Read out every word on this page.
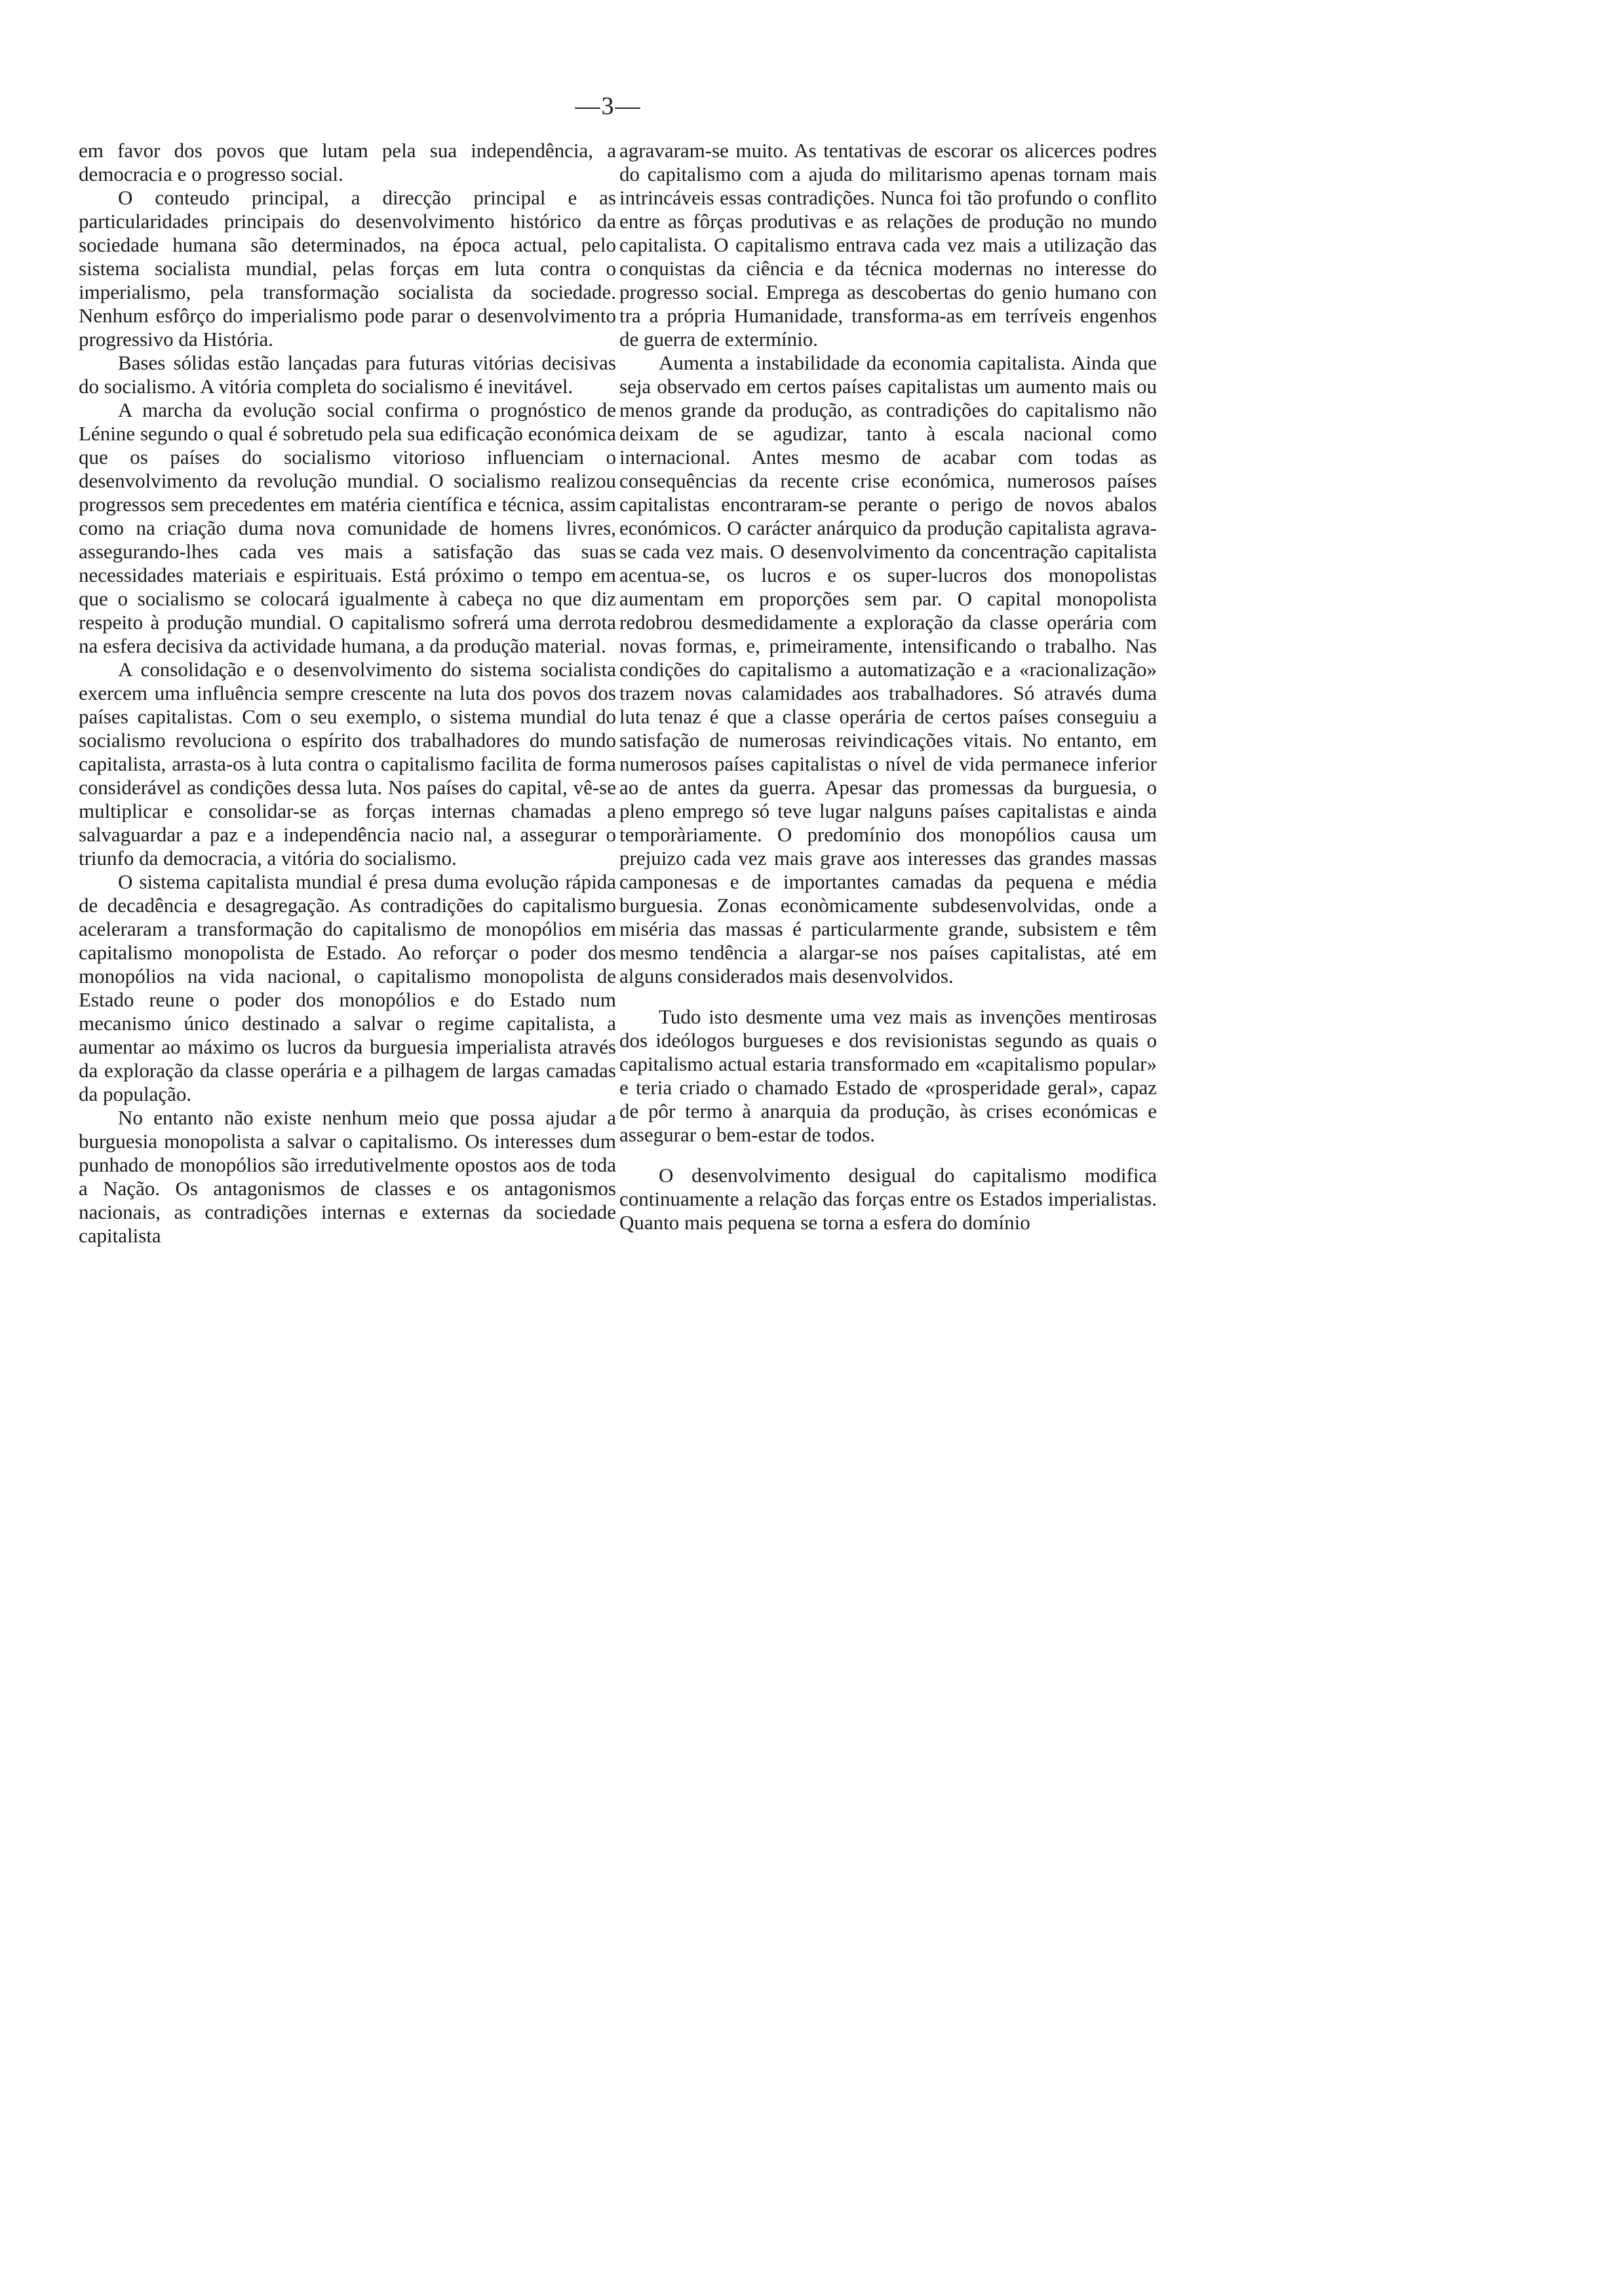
—3—

em favor dos povos que lutam pela sua independência, a democracia e o progresso social.

O conteudo principal, a direcção principal e as particularidades principais do desenvolvimento histórico da sociedade humana são determinados, na época actual, pelo sistema socialista mundial, pelas forças em luta contra o imperialismo, pela transformação socialista da sociedade. Nenhum esfôrço do imperialismo pode parar o desenvolvimento progressivo da História.

Bases sólidas estão lançadas para futuras vitórias decisivas do socialismo. A vitória completa do socialismo é inevitável.

A marcha da evolução social confirma o prognóstico de Lénine segundo o qual é sobretudo pela sua edificação económica que os países do socialismo vitorioso influenciam o desenvolvimento da revolução mundial. O socialismo realizou progressos sem precedentes em matéria científica e técnica, assim como na criação duma nova comunidade de homens livres, assegurando-lhes cada ves mais a satisfação das suas necessidades materiais e espirituais. Está próximo o tempo em que o socialismo se colocará igualmente à cabeça no que diz respeito à produção mundial. O capitalismo sofrerá uma derrota na esfera decisiva da actividade humana, a da produção material.

A consolidação e o desenvolvimento do sistema socialista exercem uma influência sempre crescente na luta dos povos dos países capitalistas. Com o seu exemplo, o sistema mundial do socialismo revoluciona o espírito dos trabalhadores do mundo capitalista, arrasta-os à luta contra o capitalismo facilita de forma considerável as condições dessa luta. Nos países do capital, vê-se multiplicar e consolidar-se as forças internas chamadas a salvaguardar a paz e a independência nacio nal, a assegurar o triunfo da democracia, a vitória do socialismo.

O sistema capitalista mundial é presa duma evolução rápida de decadência e desagregação. As contradições do capitalismo aceleraram a transformação do capitalismo de monopólios em capitalismo monopolista de Estado. Ao reforçar o poder dos monopólios na vida nacional, o capitalismo monopolista de Estado reune o poder dos monopólios e do Estado num mecanismo único destinado a salvar o regime capitalista, a aumentar ao máximo os lucros da burguesia imperialista através da exploração da classe operária e a pilhagem de largas camadas da população.

No entanto não existe nenhum meio que possa ajudar a burguesia monopolista a salvar o capitalismo. Os interesses dum punhado de monopólios são irredutivelmente opostos aos de toda a Nação. Os antagonismos de classes e os antagonismos nacionais, as contradições internas e externas da sociedade capitalista

agravaram-se muito. As tentativas de escorar os alicerces podres do capitalismo com a ajuda do militarismo apenas tornam mais intrincáveis essas contradições. Nunca foi tão profundo o conflito entre as fôrças produtivas e as relações de produção no mundo capitalista. O capitalismo entrava cada vez mais a utilização das conquistas da ciência e da técnica modernas no interesse do progresso social. Emprega as descobertas do genio humano con tra a própria Humanidade, transforma-as em terríveis engenhos de guerra de extermínio.

Aumenta a instabilidade da economia capitalista. Ainda que seja observado em certos países capitalistas um aumento mais ou menos grande da produção, as contradições do capitalismo não deixam de se agudizar, tanto à escala nacional como internacional. Antes mesmo de acabar com todas as consequências da recente crise económica, numerosos países capitalistas encontraram-se perante o perigo de novos abalos económicos. O carácter anárquico da produção capitalista agrava-se cada vez mais. O desenvolvimento da concentração capitalista acentua-se, os lucros e os super-lucros dos monopolistas aumentam em proporções sem par. O capital monopolista redobrou desmedidamente a exploração da classe operária com novas formas, e, primeiramente, intensificando o trabalho. Nas condições do capitalismo a automatização e a «racionalização» trazem novas calamidades aos trabalhadores. Só através duma luta tenaz é que a classe operária de certos países conseguiu a satisfação de numerosas reivindicações vitais. No entanto, em numerosos países capitalistas o nível de vida permanece inferior ao de antes da guerra. Apesar das promessas da burguesia, o pleno emprego só teve lugar nalguns países capitalistas e ainda temporàriamente. O predomínio dos monopólios causa um prejuizo cada vez mais grave aos interesses das grandes massas camponesas e de importantes camadas da pequena e média burguesia. Zonas econòmicamente subdesenvolvidas, onde a miséria das massas é particularmente grande, subsistem e têm mesmo tendência a alargar-se nos países capitalistas, até em alguns considerados mais desenvolvidos.

Tudo isto desmente uma vez mais as invenções mentirosas dos ideólogos burgueses e dos revisionistas segundo as quais o capitalismo actual estaria transformado em «capitalismo popular» e teria criado o chamado Estado de «prosperidade geral», capaz de pôr termo à anarquia da produção, às crises económicas e assegurar o bem-estar de todos.

O desenvolvimento desigual do capitalismo modifica continuamente a relação das forças entre os Estados imperialistas. Quanto mais pequena se torna a esfera do domínio
